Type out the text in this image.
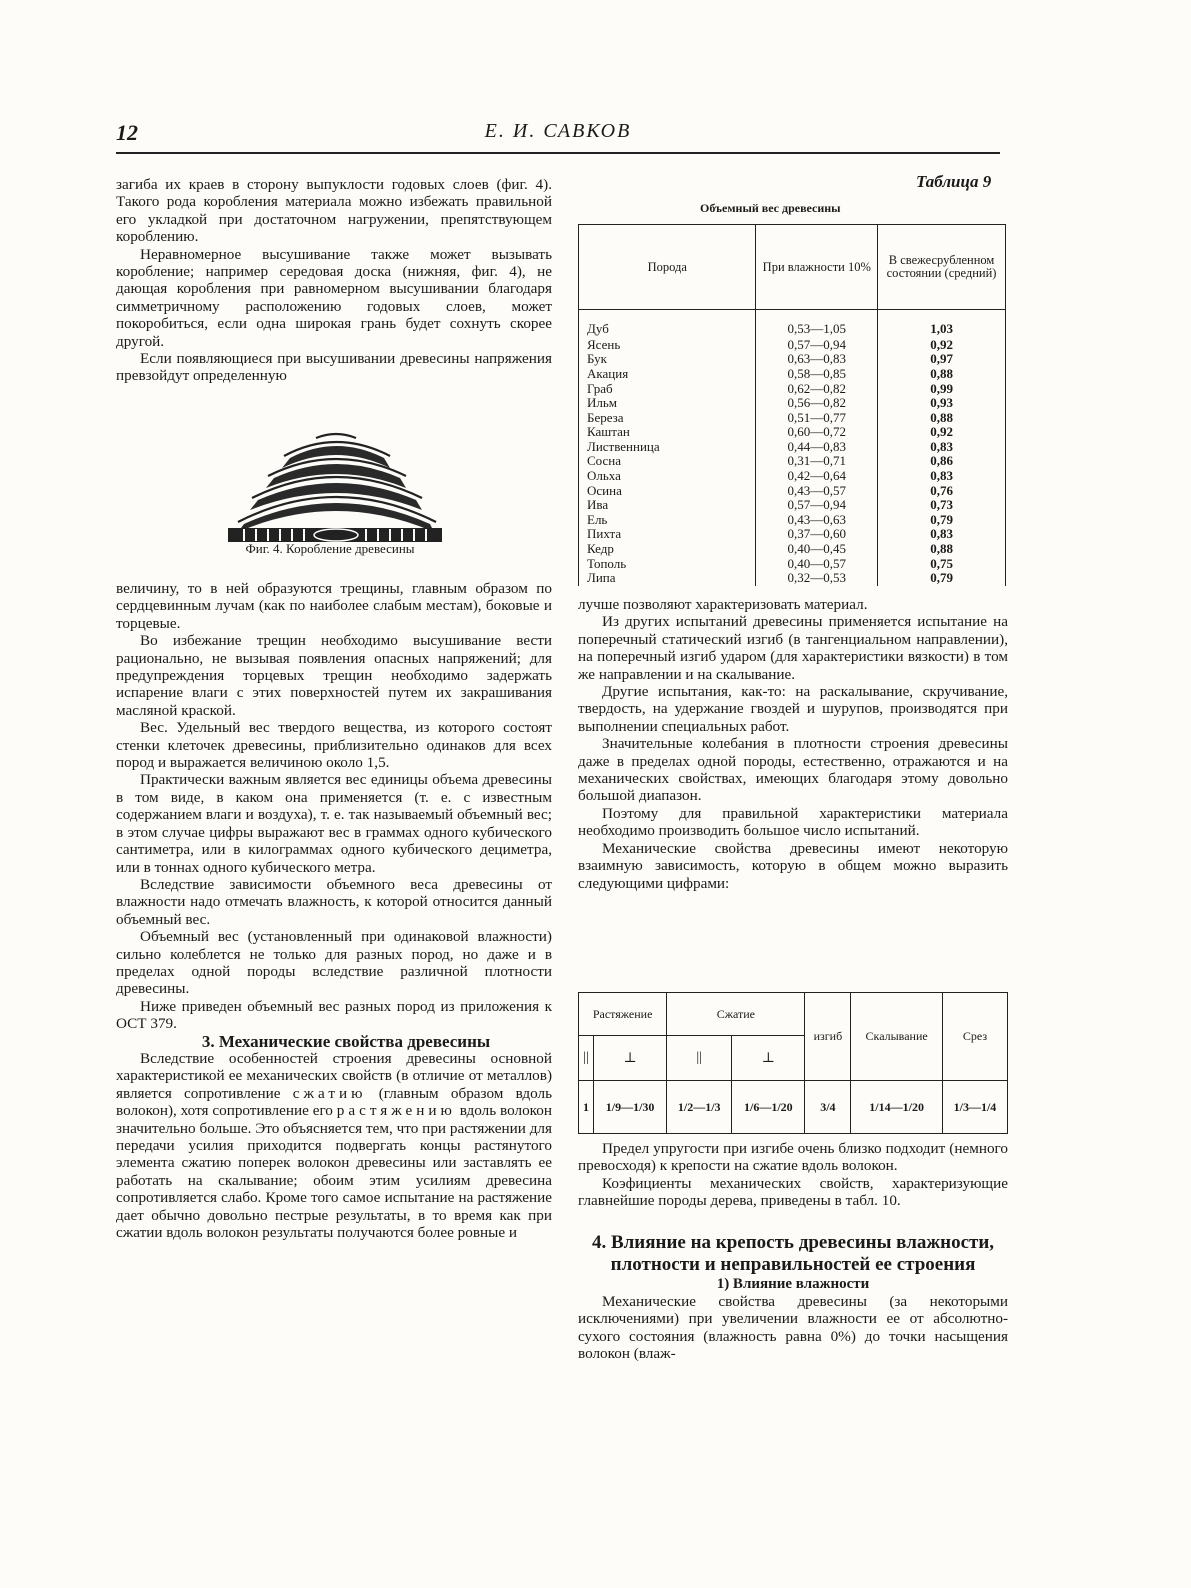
12	Е. И. САВКОВ

загиба их краев в сторону выпуклости годовых слоев (фиг. 4). Такого рода коробления материала можно избежать правильной его укладкой при достаточном нагружении, препятствующем короблению.

Неравномерное высушивание также может вызывать коробление; например середовая доска (нижняя, фиг. 4), не дающая коробления при равномерном высушивании благодаря симметричному расположению годовых слоев, может покоробиться, если одна широкая грань будет сохнуть скорее другой.

Если появляющиеся при высушивании древесины напряжения превзойдут определенную

Фиг. 4. Коробление древесины
Таблица 9
Объемный вес древесины
Порода	При влажности 10%	В свежесрубленном состоянии (средний)
Дуб	0,53—1,05	1,03
Ясень	0,57—0,94	0,92
Бук	0,63—0,83	0,97
Акация	0,58—0,85	0,88
Граб	0,62—0,82	0,99
Ильм	0,56—0,82	0,93
Береза	0,51—0,77	0,88
Каштан	0,60—0,72	0,92
Лиственница	0,44—0,83	0,83
Сосна	0,31—0,71	0,86
Ольха	0,42—0,64	0,83
Осина	0,43—0,57	0,76
Ива	0,57—0,94	0,73
Ель	0,43—0,63	0,79
Пихта	0,37—0,60	0,83
Кедр	0,40—0,45	0,88
Тополь	0,40—0,57	0,75
Липа	0,32—0,53	0,79

величину, то в ней образуются трещины, главным образом по сердцевинным лучам (как по наиболее слабым местам), боковые и торцевые.

Во избежание трещин необходимо высушивание вести рационально, не вызывая появления опасных напряжений; для предупреждения торцевых трещин необходимо задержать испарение влаги с этих поверхностей путем их закрашивания масляной краской.

Вес. Удельный вес твердого вещества, из которого состоят стенки клеточек древесины, приблизительно одинаков для всех пород и выражается величиною около 1,5.

Практически важным является вес единицы объема древесины в том виде, в каком она применяется (т. е. с известным содержанием влаги и воздуха), т. е. так называемый объемный вес; в этом случае цифры выражают вес в граммах одного кубического сантиметра, или в килограммах одного кубического дециметра, или в тоннах одного кубического метра.

Вследствие зависимости объемного веса древесины от влажности надо отмечать влажность, к которой относится данный объемный вес.

Объемный вес (установленный при одинаковой влажности) сильно колеблется не только для разных пород, но даже и в пределах одной породы вследствие различной плотности древесины.

Ниже приведен объемный вес разных пород из приложения к ОСТ 379.

3. Механические свойства древесины

Вследствие особенностей строения древесины основной характеристикой ее механических свойств (в отличие от металлов) является сопротивление сжатию (главным образом вдоль волокон), хотя сопротивление его растяжению вдоль волокон значительно больше. Это объясняется тем, что при растяжении для передачи усилия приходится подвергать концы растянутого элемента сжатию поперек волокон древесины или заставлять ее работать на скалывание; обоим этим усилиям древесина сопротивляется слабо. Кроме того самое испытание на растяжение дает обычно довольно пестрые результаты, в то время как при сжатии вдоль волокон результаты получаются более ровные и

лучше позволяют характеризовать материал.

Из других испытаний древесины применяется испытание на поперечный статический изгиб (в тангенциальном направлении), на поперечный изгиб ударом (для характеристики вязкости) в том же направлении и на скалывание.

Другие испытания, как-то: на раскалывание, скручивание, твердость, на удержание гвоздей и шурупов, производятся при выполнении специальных работ.

Значительные колебания в плотности строения древесины даже в пределах одной породы, естественно, отражаются и на механических свойствах, имеющих благодаря этому довольно большой диапазон.

Поэтому для правильной характеристики материала необходимо производить большое число испытаний.

Механические свойства древесины имеют некоторую взаимную зависимость, которую в общем можно выразить следующими цифрами:

Растяжение		Сжатие		изгиб	Скалывание	Срез
||	⊥	||	⊥			
1	1/9—1/30	1/2—1/3	1/6—1/20	3/4	1/14—1/20	1/3—1/4

Предел упругости при изгибе очень близко подходит (немного превосходя) к крепости на сжатие вдоль волокон.

Коэфициенты механических свойств, характеризующие главнейшие породы дерева, приведены в табл. 10.

4. Влияние на крепость древесины влажности, плотности и неправильностей ее строения

1) Влияние влажности

Механические свойства древесины (за некоторыми исключениями) при увеличении влажности ее от абсолютно-сухого состояния (влажность равна 0%) до точки насыщения волокон (влаж-
